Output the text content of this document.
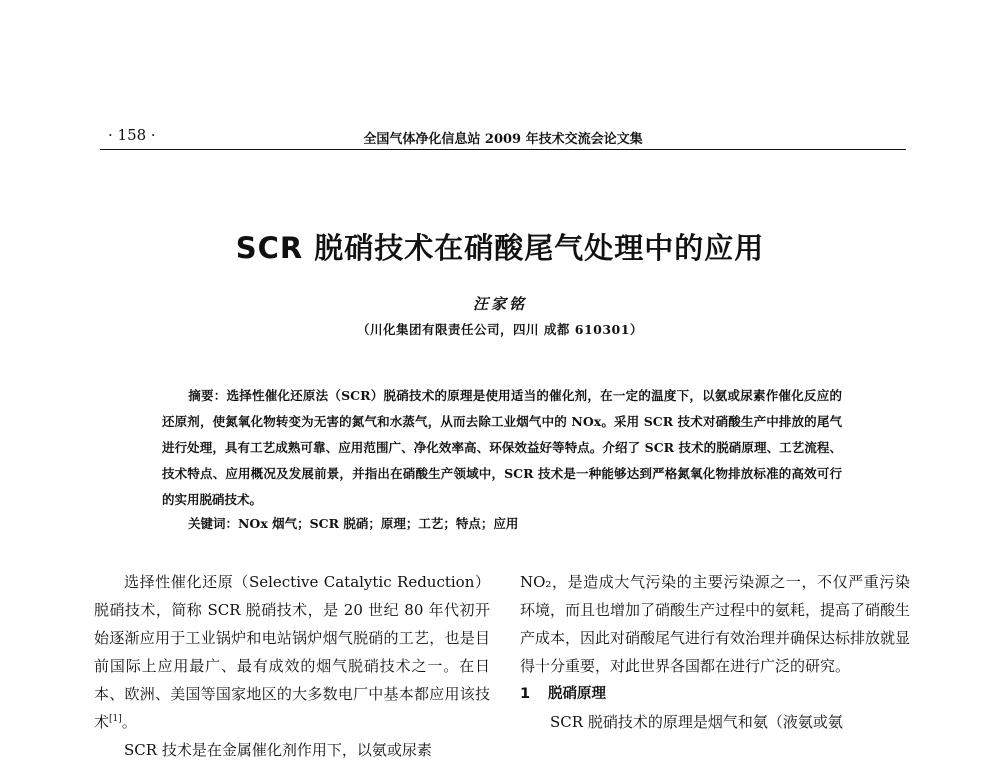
· 158 ·	全国气体净化信息站 2009 年技术交流会论文集
SCR 脱硝技术在硝酸尾气处理中的应用
汪家铭
（川化集团有限责任公司，四川 成都 610301）
摘要：选择性催化还原法（SCR）脱硝技术的原理是使用适当的催化剂，在一定的温度下，以氨或尿素作催化反应的还原剂，使氮氧化物转变为无害的氮气和水蒸气，从而去除工业烟气中的 NOx。采用 SCR 技术对硝酸生产中排放的尾气进行处理，具有工艺成熟可靠、应用范围广、净化效率高、环保效益好等特点。介绍了 SCR 技术的脱硝原理、工艺流程、技术特点、应用概况及发展前景，并指出在硝酸生产领域中，SCR 技术是一种能够达到严格氮氧化物排放标准的高效可行的实用脱硝技术。
关键词：NOx 烟气；SCR 脱硝；原理；工艺；特点；应用

选择性催化还原（Selective Catalytic Reduction）脱硝技术，简称 SCR 脱硝技术，是 20 世纪 80 年代初开始逐渐应用于工业锅炉和电站锅炉烟气脱硝的工艺，也是目前国际上应用最广、最有成效的烟气脱硝技术之一。在日本、欧洲、美国等国家地区的大多数电厂中基本都应用该技术[1]。

SCR 技术是在金属催化剂作用下，以氨或尿素

NO₂，是造成大气污染的主要污染源之一，不仅严重污染环境，而且也增加了硝酸生产过程中的氨耗，提高了硝酸生产成本，因此对硝酸尾气进行有效治理并确保达标排放就显得十分重要，对此世界各国都在进行广泛的研究。

1 脱硝原理

SCR 脱硝技术的原理是烟气和氨（液氨或氨
